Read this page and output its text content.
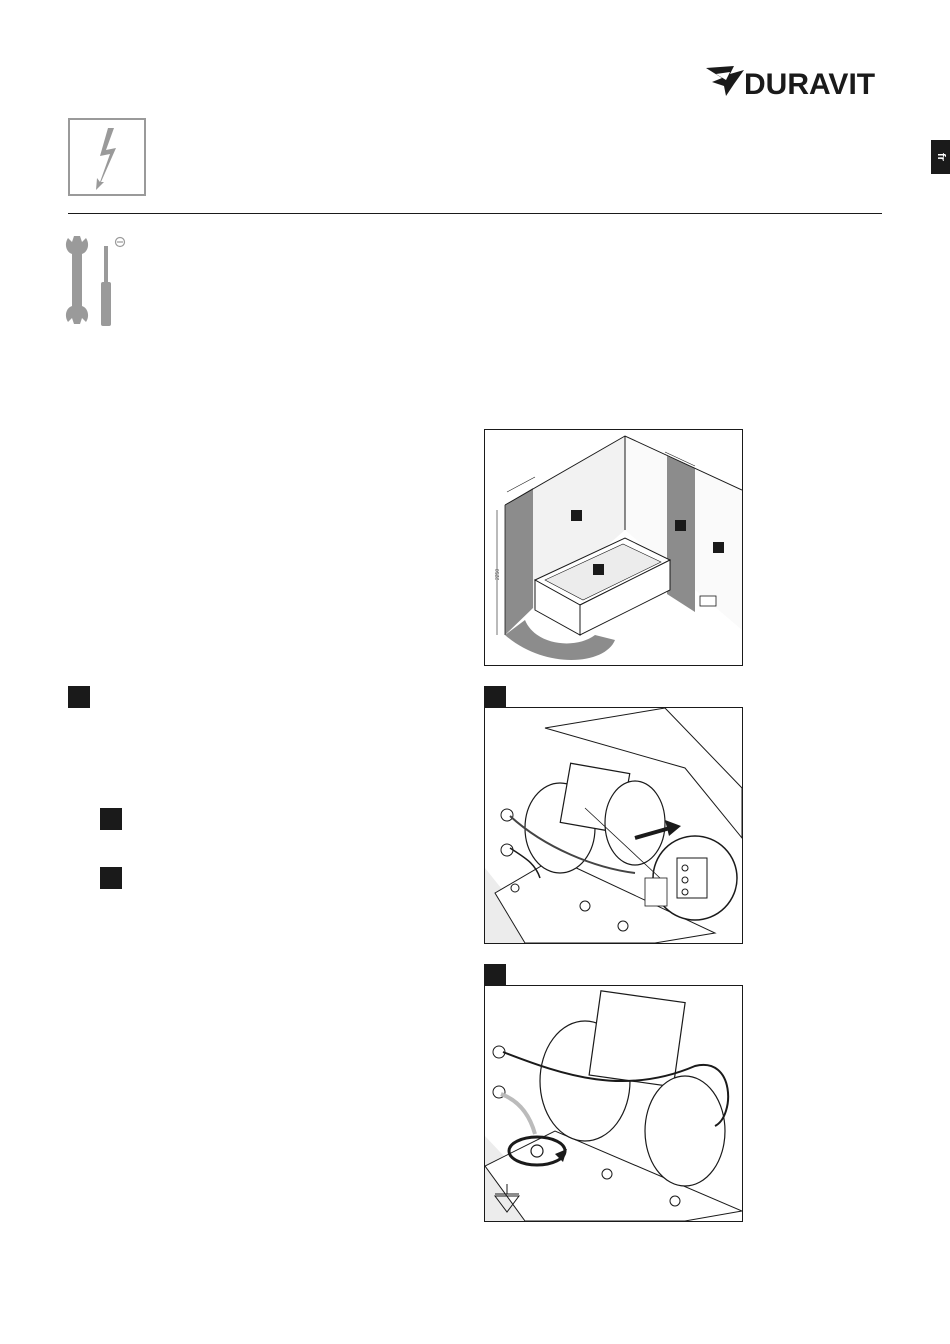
DURAVIT
fr
2250
